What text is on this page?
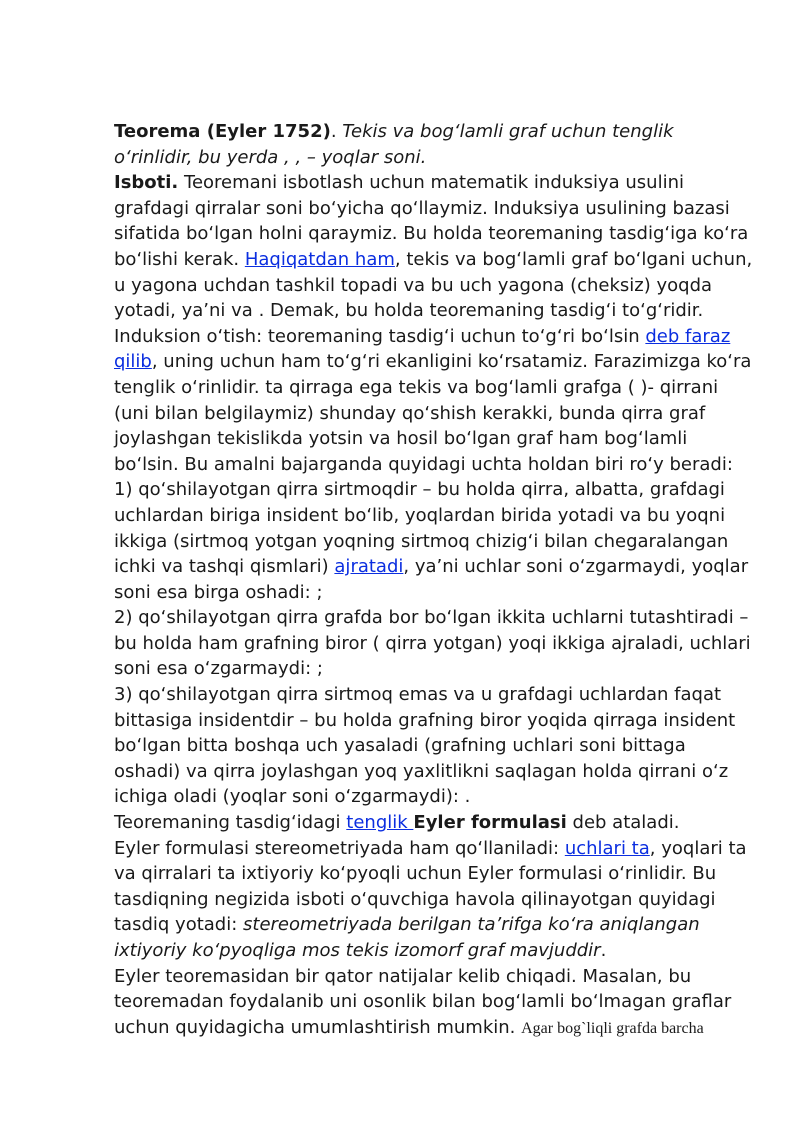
Teorema (Eyler 1752). Tekis va bog‘lamli graf uchun tenglik o‘rinlidir, bu yerda , , – yoqlar soni.

Isboti. Teoremani isbotlash uchun matematik induksiya usulini grafdagi qirralar soni bo‘yicha qo‘llaymiz. Induksiya usulining bazasi sifatida bo‘lgan holni qaraymiz. Bu holda teoremaning tasdig‘iga ko‘ra bo‘lishi kerak. Haqiqatdan ham, tekis va bog‘lamli graf bo‘lgani uchun, u yagona uchdan tashkil topadi va bu uch yagona (cheksiz) yoqda yotadi, ya’ni va . Demak, bu holda teoremaning tasdig‘i to‘g‘ridir.

Induksion o‘tish: teoremaning tasdig‘i uchun to‘g‘ri bo‘lsin deb faraz qilib, uning uchun ham to‘g‘ri ekanligini ko‘rsatamiz. Farazimizga ko‘ra tenglik o‘rinlidir. ta qirraga ega tekis va bog‘lamli grafga ( )- qirrani (uni bilan belgilaymiz) shunday qo‘shish kerakki, bunda qirra graf joylashgan tekislikda yotsin va hosil bo‘lgan graf ham bog‘lamli bo‘lsin. Bu amalni bajarganda quyidagi uchta holdan biri ro‘y beradi:

1) qo‘shilayotgan qirra sirtmoqdir – bu holda qirra, albatta, grafdagi uchlardan biriga insident bo‘lib, yoqlardan birida yotadi va bu yoqni ikkiga (sirtmoq yotgan yoqning sirtmoq chizig‘i bilan chegaralangan ichki va tashqi qismlari) ajratadi, ya’ni uchlar soni o‘zgarmaydi, yoqlar soni esa birga oshadi: ;

2) qo‘shilayotgan qirra grafda bor bo‘lgan ikkita uchlarni tutashtiradi – bu holda ham grafning biror ( qirra yotgan) yoqi ikkiga ajraladi, uchlari soni esa o‘zgarmaydi: ;

3) qo‘shilayotgan qirra sirtmoq emas va u grafdagi uchlardan faqat bittasiga insidentdir – bu holda grafning biror yoqida qirraga insident bo‘lgan bitta boshqa uch yasaladi (grafning uchlari soni bittaga oshadi) va qirra joylashgan yoq yaxlitlikni saqlagan holda qirrani o‘z ichiga oladi (yoqlar soni o‘zgarmaydi): .

Teoremaning tasdig‘idagi tenglik Eyler formulasi deb ataladi.

Eyler formulasi stereometriyada ham qo‘llaniladi: uchlari ta, yoqlari ta va qirralari ta ixtiyoriy ko‘pyoqli uchun Eyler formulasi o‘rinlidir. Bu tasdiqning negizida isboti o‘quvchiga havola qilinayotgan quyidagi tasdiq yotadi: stereometriyada berilgan ta’rifga ko‘ra aniqlangan ixtiyoriy ko‘pyoqliga mos tekis izomorf graf mavjuddir.

Eyler teoremasidan bir qator natijalar kelib chiqadi. Masalan, bu teoremadan foydalanib uni osonlik bilan bog‘lamli bo‘lmagan graflar uchun quyidagicha umumlashtirish mumkin. Agar bog`liqli grafda barcha
